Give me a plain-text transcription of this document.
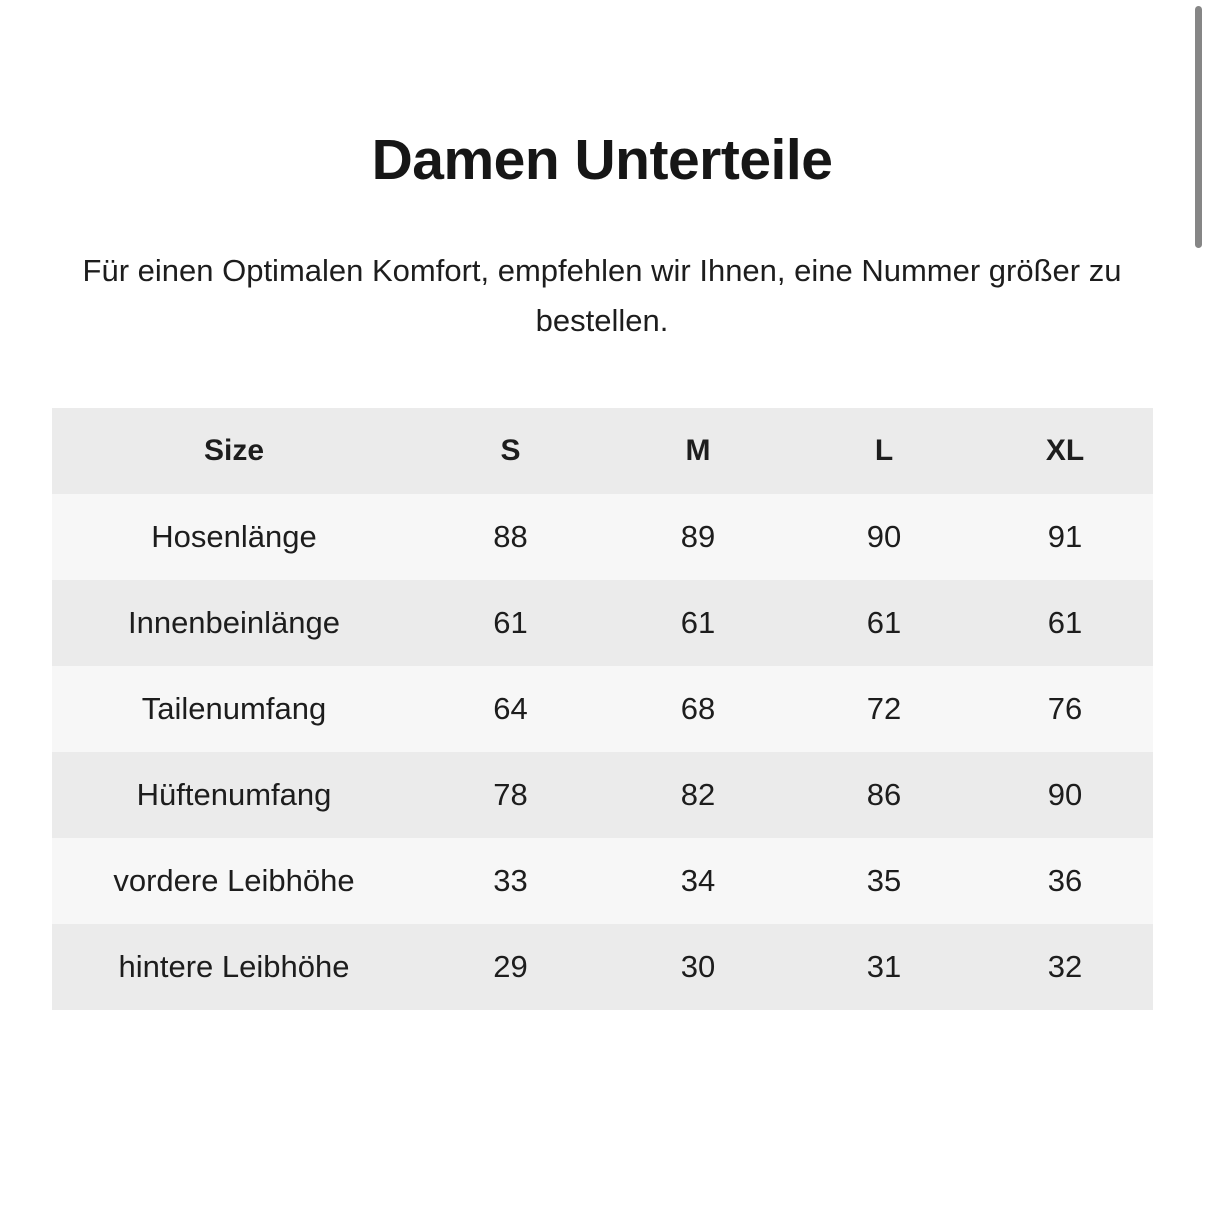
Damen Unterteile

Für einen Optimalen Komfort, empfehlen wir Ihnen, eine Nummer größer zu bestellen.

Size	S	M	L	XL
Hosenlänge	88	89	90	91
Innenbeinlänge	61	61	61	61
Tailenumfang	64	68	72	76
Hüftenumfang	78	82	86	90
vordere Leibhöhe	33	34	35	36
hintere Leibhöhe	29	30	31	32
